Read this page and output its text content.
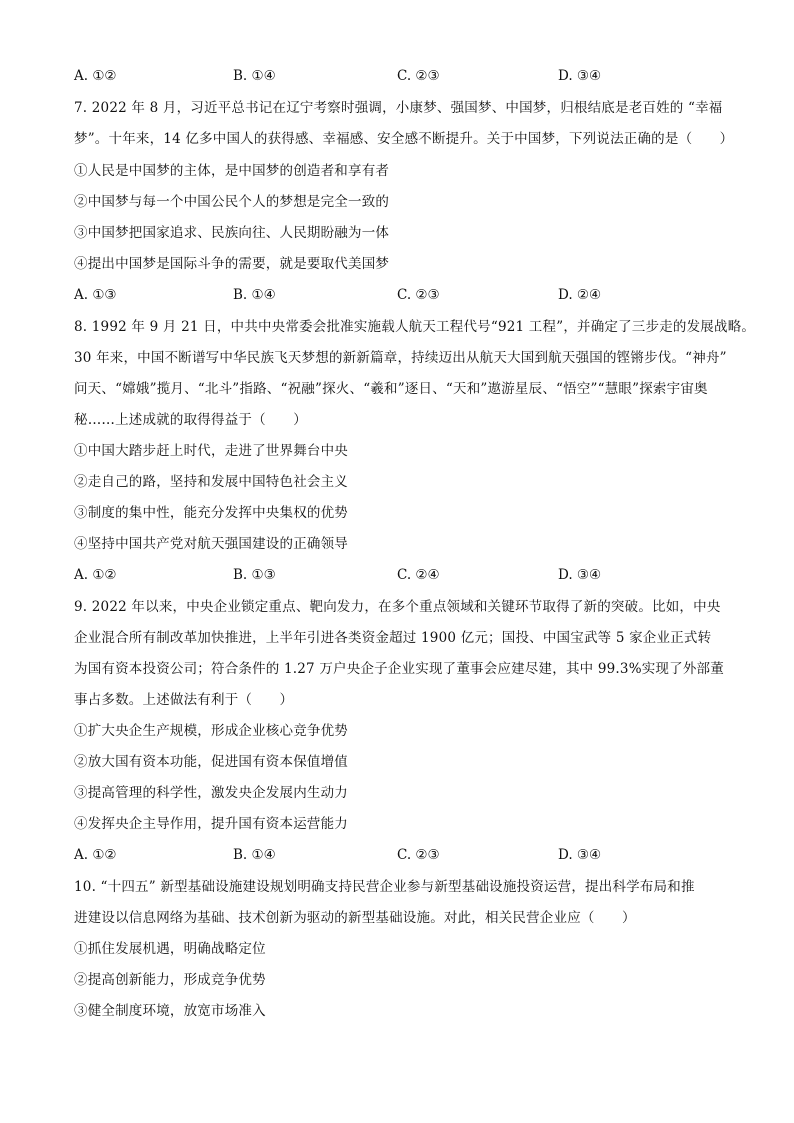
A. ①②	B. ①④	C. ②③	D. ③④
7. 2022 年 8 月，习近平总书记在辽宁考察时强调，小康梦、强国梦、中国梦，归根结底是老百姓的 “幸福
梦”。十年来，14 亿多中国人的获得感、幸福感、安全感不断提升。关于中国梦，下列说法正确的是（　　）
①人民是中国梦的主体，是中国梦的创造者和享有者
②中国梦与每一个中国公民个人的梦想是完全一致的
③中国梦把国家追求、民族向往、人民期盼融为一体
④提出中国梦是国际斗争的需要，就是要取代美国梦
A. ①③	B. ①④	C. ②③	D. ②④
8. 1992 年 9 月 21 日，中共中央常委会批准实施载人航天工程代号“921 工程”，并确定了三步走的发展战略。
30 年来，中国不断谱写中华民族飞天梦想的新新篇章，持续迈出从航天大国到航天强国的铿锵步伐。“神舟”
问天、“嫦娥”揽月、“北斗”指路、“祝融”探火、“羲和”逐日、“天和”遨游星辰、“悟空”“慧眼”探索宇宙奥
秘……上述成就的取得得益于（　　）
①中国大踏步赶上时代，走进了世界舞台中央
②走自己的路，坚持和发展中国特色社会主义
③制度的集中性，能充分发挥中央集权的优势
④坚持中国共产党对航天强国建设的正确领导
A. ①②	B. ①③	C. ②④	D. ③④
9. 2022 年以来，中央企业锁定重点、靶向发力，在多个重点领域和关键环节取得了新的突破。比如，中央
企业混合所有制改革加快推进，上半年引进各类资金超过 1900 亿元；国投、中国宝武等 5 家企业正式转
为国有资本投资公司；符合条件的 1.27 万户央企子企业实现了董事会应建尽建，其中 99.3%实现了外部董
事占多数。上述做法有利于（　　）
①扩大央企生产规模，形成企业核心竞争优势
②放大国有资本功能，促进国有资本保值增值
③提高管理的科学性，激发央企发展内生动力
④发挥央企主导作用，提升国有资本运营能力
A. ①②	B. ①④	C. ②③	D. ③④
10. “十四五” 新型基础设施建设规划明确支持民营企业参与新型基础设施投资运营，提出科学布局和推
进建设以信息网络为基础、技术创新为驱动的新型基础设施。对此，相关民营企业应（　　）
①抓住发展机遇，明确战略定位
②提高创新能力，形成竞争优势
③健全制度环境，放宽市场准入
